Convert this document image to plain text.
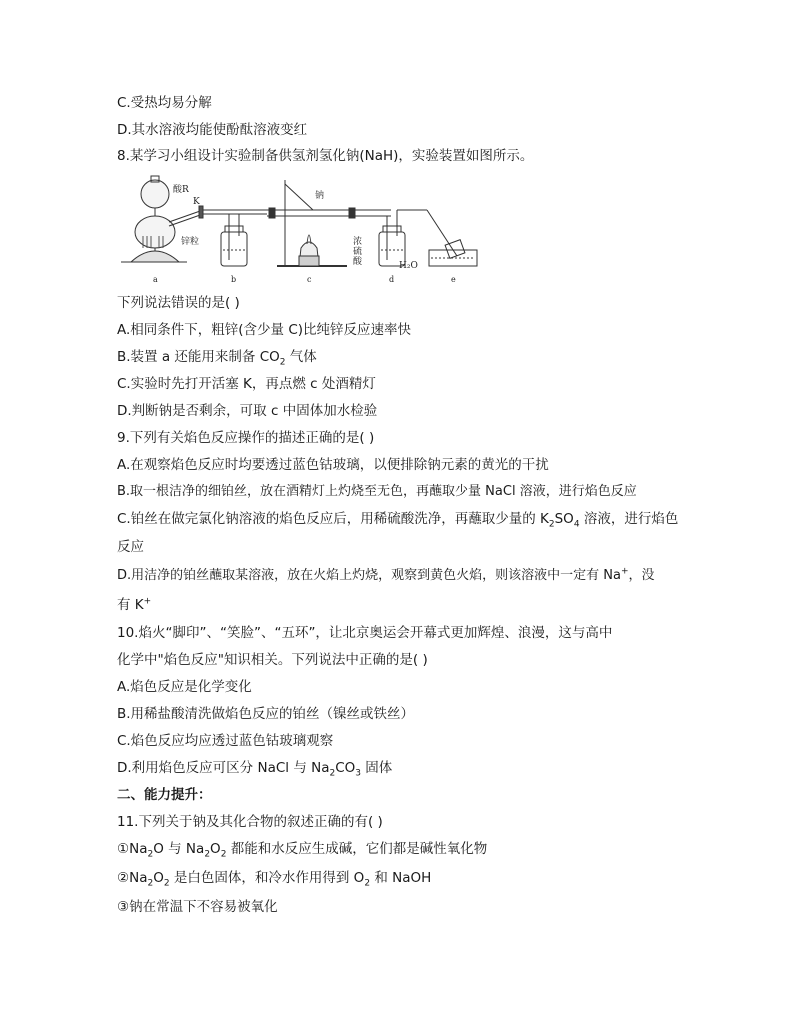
C.受热均易分解
D.其水溶液均能使酚酞溶液变红
8.某学习小组设计实验制备供氢剂氢化钠(NaH)，实验装置如图所示。
酸R
K
锌粒
钠
浓
硫
酸	H₂O
a	b	c	d	e
下列说法错误的是( )
A.相同条件下，粗锌(含少量 C)比纯锌反应速率快
B.装置 a 还能用来制备 $CO_2$ 气体
C.实验时先打开活塞 K，再点燃 c 处酒精灯
D.判断钠是否剩余，可取 c 中固体加水检验
9.下列有关焰色反应操作的描述正确的是( )
A.在观察焰色反应时均要透过蓝色钴玻璃，以便排除钠元素的黄光的干扰
B.取一根洁净的细铂丝，放在酒精灯上灼烧至无色，再蘸取少量 NaCl 溶液，进行焰色反应
C.铂丝在做完氯化钠溶液的焰色反应后，用稀硫酸洗净，再蘸取少量的 $K_2SO_4$ 溶液，进行焰色
反应
D.用洁净的铂丝蘸取某溶液，放在火焰上灼烧，观察到黄色火焰，则该溶液中一定有 Na+，没
有 K+
10.焰火“脚印”、“笑脸”、“五环”，让北京奥运会开幕式更加辉煌、浪漫，这与高中
化学中"焰色反应"知识相关。下列说法中正确的是( )
A.焰色反应是化学变化
B.用稀盐酸清洗做焰色反应的铂丝（镍丝或铁丝）
C.焰色反应均应透过蓝色钴玻璃观察
D.利用焰色反应可区分 NaCl 与 $Na_2CO_3$ 固体
二、能力提升：
11.下列关于钠及其化合物的叙述正确的有( )
$①Na_2O$ 与 $Na_2O_2$ 都能和水反应生成碱，它们都是碱性氧化物
$②Na_2O_2$ 是白色固体，和冷水作用得到 $O_2$ 和 NaOH
③钠在常温下不容易被氧化
